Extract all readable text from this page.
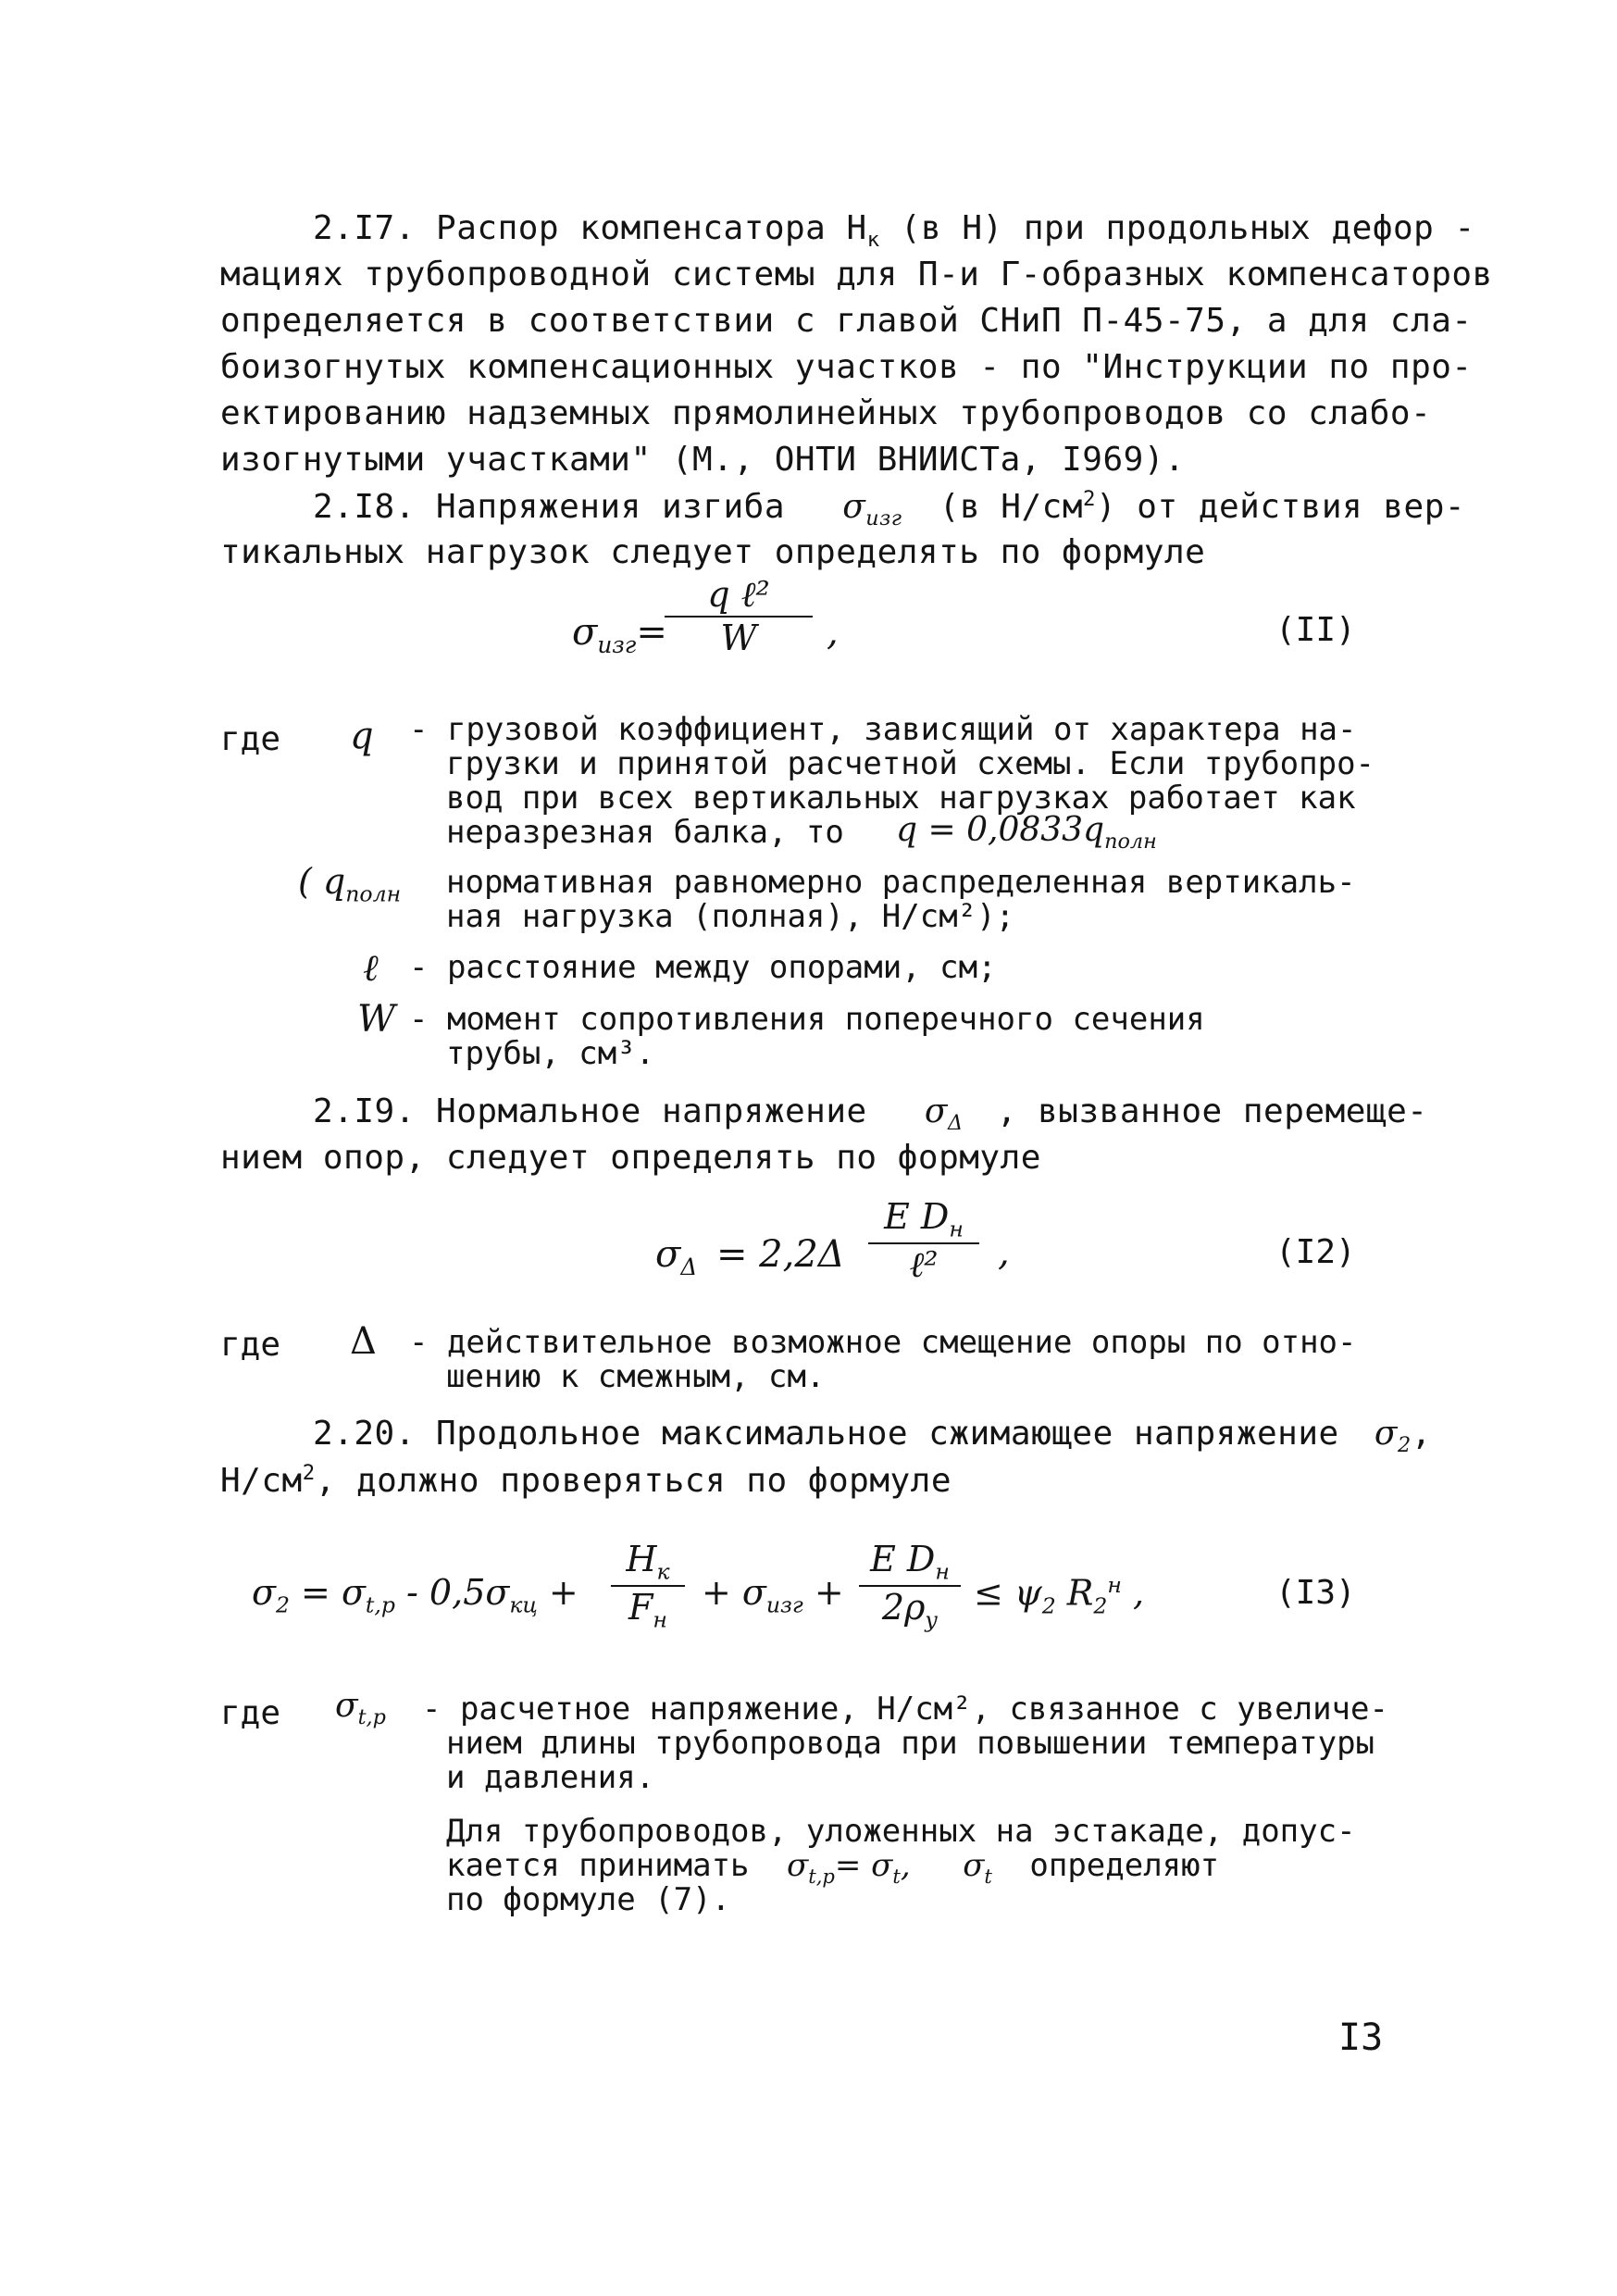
2.I7. Распор компенсатора $Н_к$ (в Н) при продольных дефор -
мациях трубопроводной системы для П-и Г-образных компенсаторов
определяется в соответствии с главой СНиП П-45-75, а для сла-
боизогнутых компенсационных участков - по "Инструкции по про-
ектированию надземных прямолинейных трубопроводов со слабо-
изогнутыми участками" (М., ОНТИ ВНИИСТа, I969).
2.I8. Напряжения изгиба $\sigma_{изг}$ (в $Н/см^2$) от действия вер-
тикальных нагрузок следует определять по формуле
$\sigma_{изг}=$
q ℓ²
W ,	(II)
где q - грузовой коэффициент, зависящий от характера на-
грузки и принятой расчетной схемы. Если трубопро-
вод при всех вертикальных нагрузках работает как
неразрезная балка, то $q = 0,0833q_{полн}$
( $q_{полн}$ нормативная равномерно распределенная вертикаль-
ная нагрузка (полная), Н/см²);
ℓ - расстояние между опорами, см;
W - момент сопротивления поперечного сечения
трубы, см³.
2.I9. Нормальное напряжение $\sigma_\Delta$ , вызванное перемеще-
нием опор, следует определять по формуле
$\sigma_\Delta = 2,2\Delta$
E $D_н$
ℓ² ,	(I2)
где Δ - действительное возможное смещение опоры по отно-
шению к смежным, см.
2.20. Продольное максимальное сжимающее напряжение $\sigma_2$,
$Н/см^2$, должно проверяться по формуле
$\sigma_2 = \sigma_{t,p} - 0,5\sigma_{кц}$ +
$H_к$
$F_н$
+ $\sigma_{изг}$ +
E $D_н$
$2\rho_у$
≤ $\psi_2$ $R_2^н$ ,	(I3)
где $\sigma_{t,p}$ - расчетное напряжение, Н/см², связанное с увеличе-
нием длины трубопровода при повышении температуры
и давления.
Для трубопроводов, уложенных на эстакаде, допус-
кается принимать $\sigma_{t,p}= \sigma_t$, $\sigma_t$ определяют
по формуле (7).
I3
